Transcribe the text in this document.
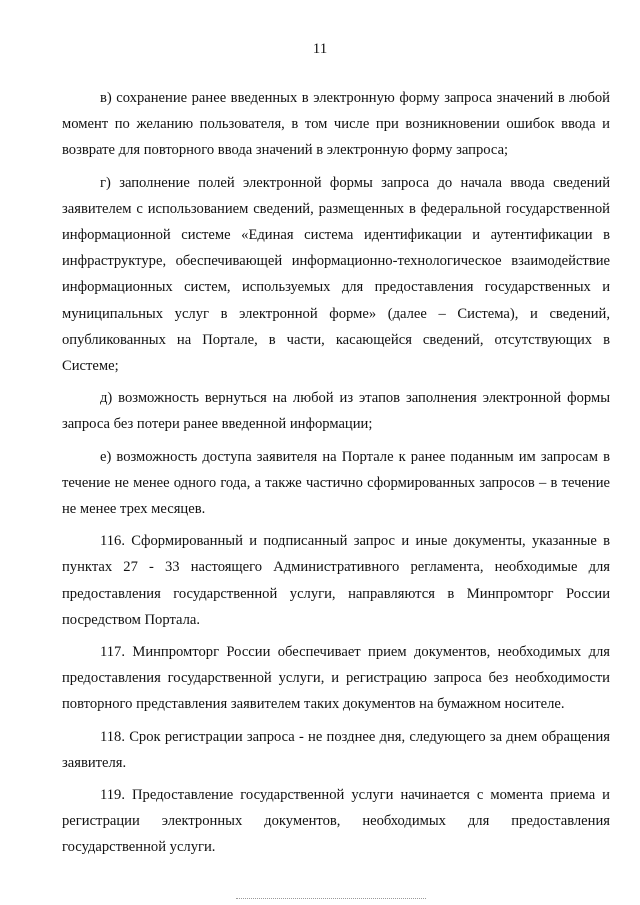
11

в) сохранение ранее введенных в электронную форму запроса значений в любой момент по желанию пользователя, в том числе при возникновении ошибок ввода и возврате для повторного ввода значений в электронную форму запроса;

г) заполнение полей электронной формы запроса до начала ввода сведений заявителем с использованием сведений, размещенных в федеральной государственной информационной системе «Единая система идентификации и аутентификации в инфраструктуре, обеспечивающей информационно-технологическое взаимодействие информационных систем, используемых для предоставления государственных и муниципальных услуг в электронной форме» (далее – Система), и сведений, опубликованных на Портале, в части, касающейся сведений, отсутствующих в Системе;

д) возможность вернуться на любой из этапов заполнения электронной формы запроса без потери ранее введенной информации;

е) возможность доступа заявителя на Портале к ранее поданным им запросам в течение не менее одного года, а также частично сформированных запросов – в течение не менее трех месяцев.

116. Сформированный и подписанный запрос и иные документы, указанные в пунктах 27 - 33 настоящего Административного регламента, необходимые для предоставления государственной услуги, направляются в Минпромторг России посредством Портала.

117. Минпромторг России обеспечивает прием документов, необходимых для предоставления государственной услуги, и регистрацию запроса без необходимости повторного представления заявителем таких документов на бумажном носителе.

118. Срок регистрации запроса - не позднее дня, следующего за днем обращения заявителя.

119. Предоставление государственной услуги начинается с момента приема и регистрации электронных документов, необходимых для предоставления государственной услуги.
